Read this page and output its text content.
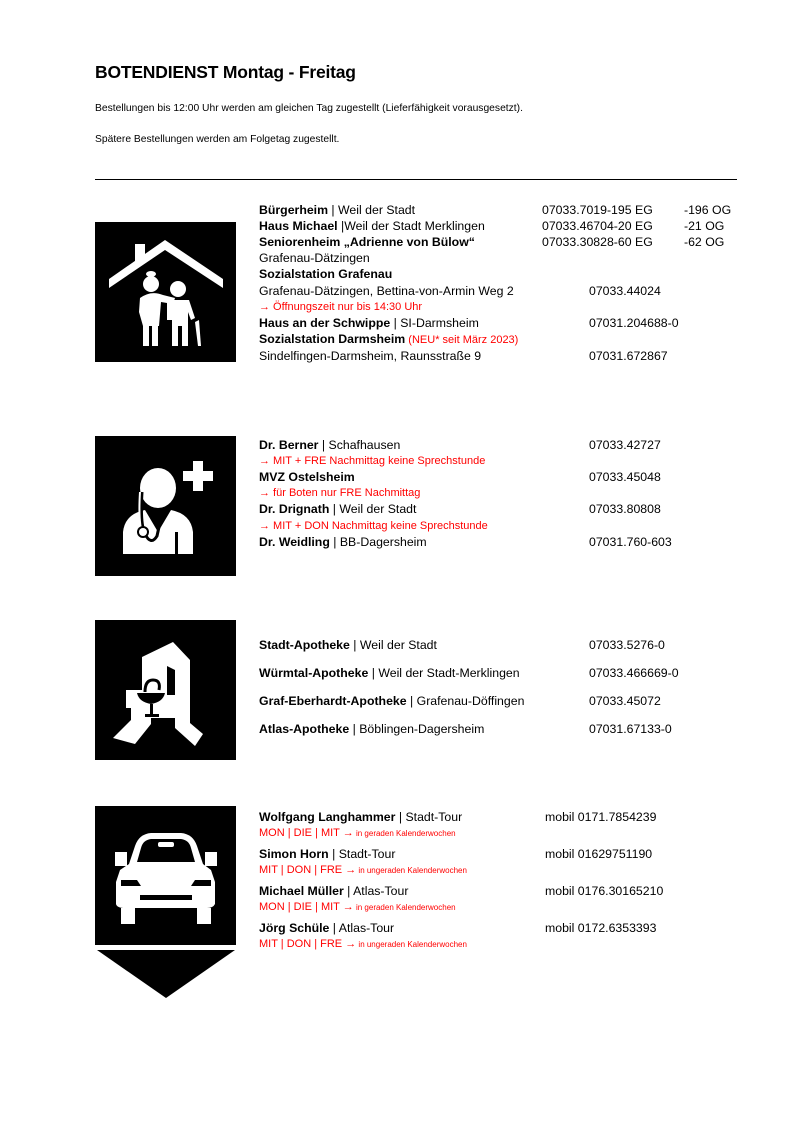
BOTENDIENST Montag - Freitag
Bestellungen bis 12:00 Uhr werden am gleichen Tag zugestellt (Lieferfähigkeit vorausgesetzt).
Spätere Bestellungen werden am Folgetag zugestellt.
Bürgerheim | Weil der Stadt	07033.7019-195 EG	-196 OG
Haus Michael |Weil der Stadt Merklingen	07033.46704-20 EG	-21 OG
Seniorenheim „Adrienne von Bülow“	07033.30828-60 EG	-62 OG
Grafenau-Dätzingen
Sozialstation Grafenau
Grafenau-Dätzingen, Bettina-von-Armin Weg 2	07033.44024
→ Öffnungszeit nur bis 14:30 Uhr
Haus an der Schwippe | SI-Darmsheim	07031.204688-0
Sozialstation Darmsheim (NEU* seit März 2023)
Sindelfingen-Darmsheim, Raunsstraße 9	07031.672867
Dr. Berner | Schafhausen	07033.42727
→ MIT + FRE Nachmittag keine Sprechstunde
MVZ Ostelsheim	07033.45048
→ für Boten nur FRE Nachmittag
Dr. Drignath | Weil der Stadt	07033.80808
→ MIT + DON Nachmittag keine Sprechstunde
Dr. Weidling | BB-Dagersheim	07031.760-603
Stadt-Apotheke | Weil der Stadt	07033.5276-0
Würmtal-Apotheke | Weil der Stadt-Merklingen	07033.466669-0
Graf-Eberhardt-Apotheke | Grafenau-Döffingen	07033.45072
Atlas-Apotheke | Böblingen-Dagersheim	07031.67133-0
Wolfgang Langhammer | Stadt-Tour	mobil 0171.7854239
MON | DIE | MIT → in geraden Kalenderwochen
Simon Horn | Stadt-Tour	mobil 01629751190
MIT | DON | FRE → in ungeraden Kalenderwochen
Michael Müller | Atlas-Tour	mobil 0176.30165210
MON | DIE | MIT → in geraden Kalenderwochen
Jörg Schüle | Atlas-Tour	mobil 0172.6353393
MIT | DON | FRE → in ungeraden Kalenderwochen
